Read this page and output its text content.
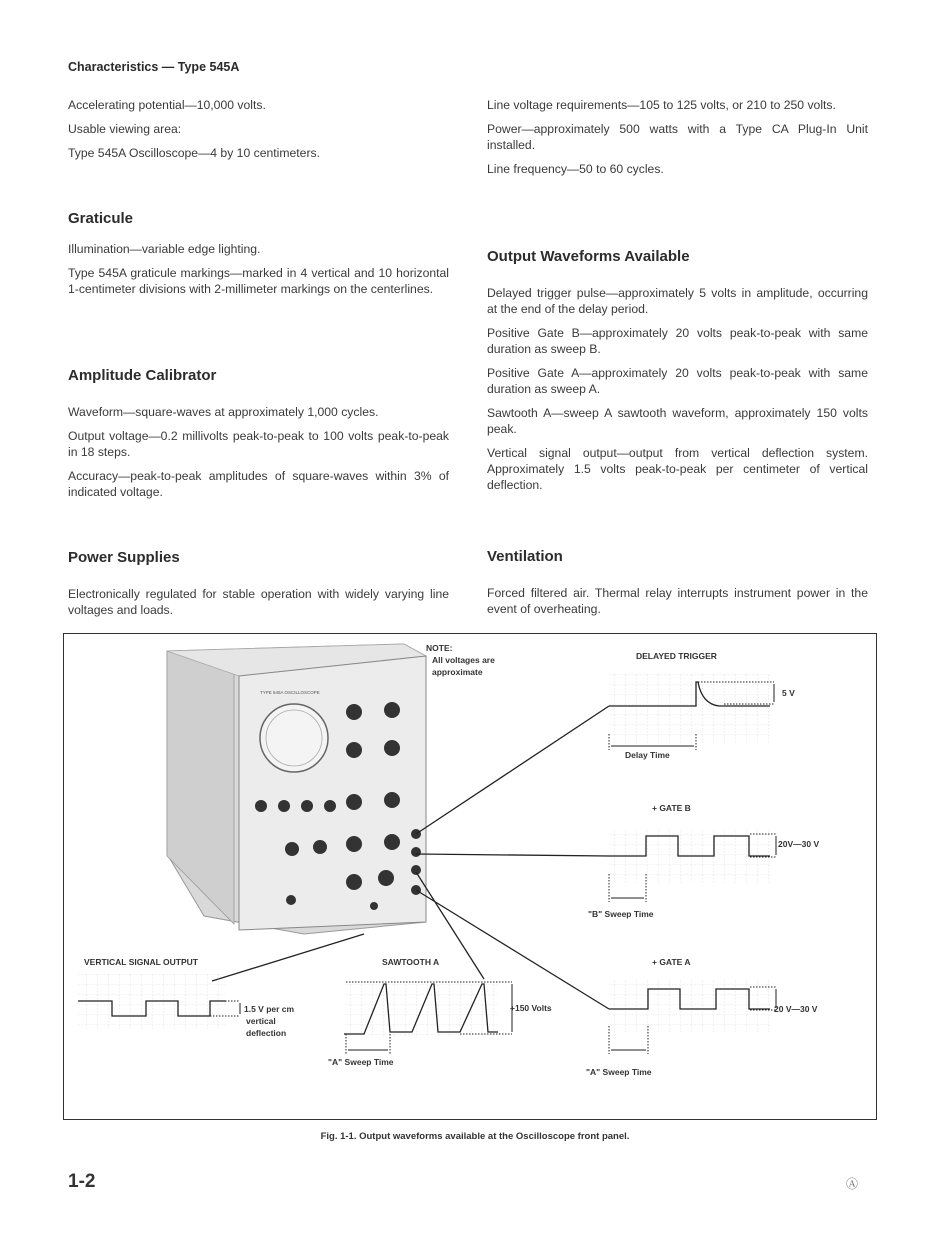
Characteristics — Type 545A

Accelerating potential—10,000 volts.

Usable viewing area:

Type 545A Oscilloscope—4 by 10 centimeters.

Graticule

Illumination—variable edge lighting.

Type 545A graticule markings—marked in 4 vertical and 10 horizontal 1-centimeter divisions with 2-millimeter markings on the centerlines.

Amplitude Calibrator

Waveform—square-waves at approximately 1,000 cycles.

Output voltage—0.2 millivolts peak-to-peak to 100 volts peak-to-peak in 18 steps.

Accuracy—peak-to-peak amplitudes of square-waves within 3% of indicated voltage.

Power Supplies

Electronically regulated for stable operation with widely varying line voltages and loads.

Line voltage requirements—105 to 125 volts, or 210 to 250 volts.

Power—approximately 500 watts with a Type CA Plug-In Unit installed.

Line frequency—50 to 60 cycles.

Output Waveforms Available

Delayed trigger pulse—approximately 5 volts in amplitude, occurring at the end of the delay period.

Positive Gate B—approximately 20 volts peak-to-peak with same duration as sweep B.

Positive Gate A—approximately 20 volts peak-to-peak with same duration as sweep A.

Sawtooth A—sweep A sawtooth waveform, approximately 150 volts peak.

Vertical signal output—output from vertical deflection system. Approximately 1.5 volts peak-to-peak per centimeter of vertical deflection.

Ventilation

Forced filtered air. Thermal relay interrupts instrument power in the event of overheating.

TYPE 545A OSCILLOSCOPE
NOTE:
All voltages are
approximate
DELAYED TRIGGER
5 V
Delay Time
+ GATE B
20V—30 V
"B" Sweep Time
+ GATE A
20 V—30 V
"A" Sweep Time
VERTICAL SIGNAL OUTPUT
1.5 V per cm
vertical
deflection
SAWTOOTH A
+150 Volts
"A" Sweep Time
Fig. 1-1. Output waveforms available at the Oscilloscope front panel.
1-2	Ⓐ
